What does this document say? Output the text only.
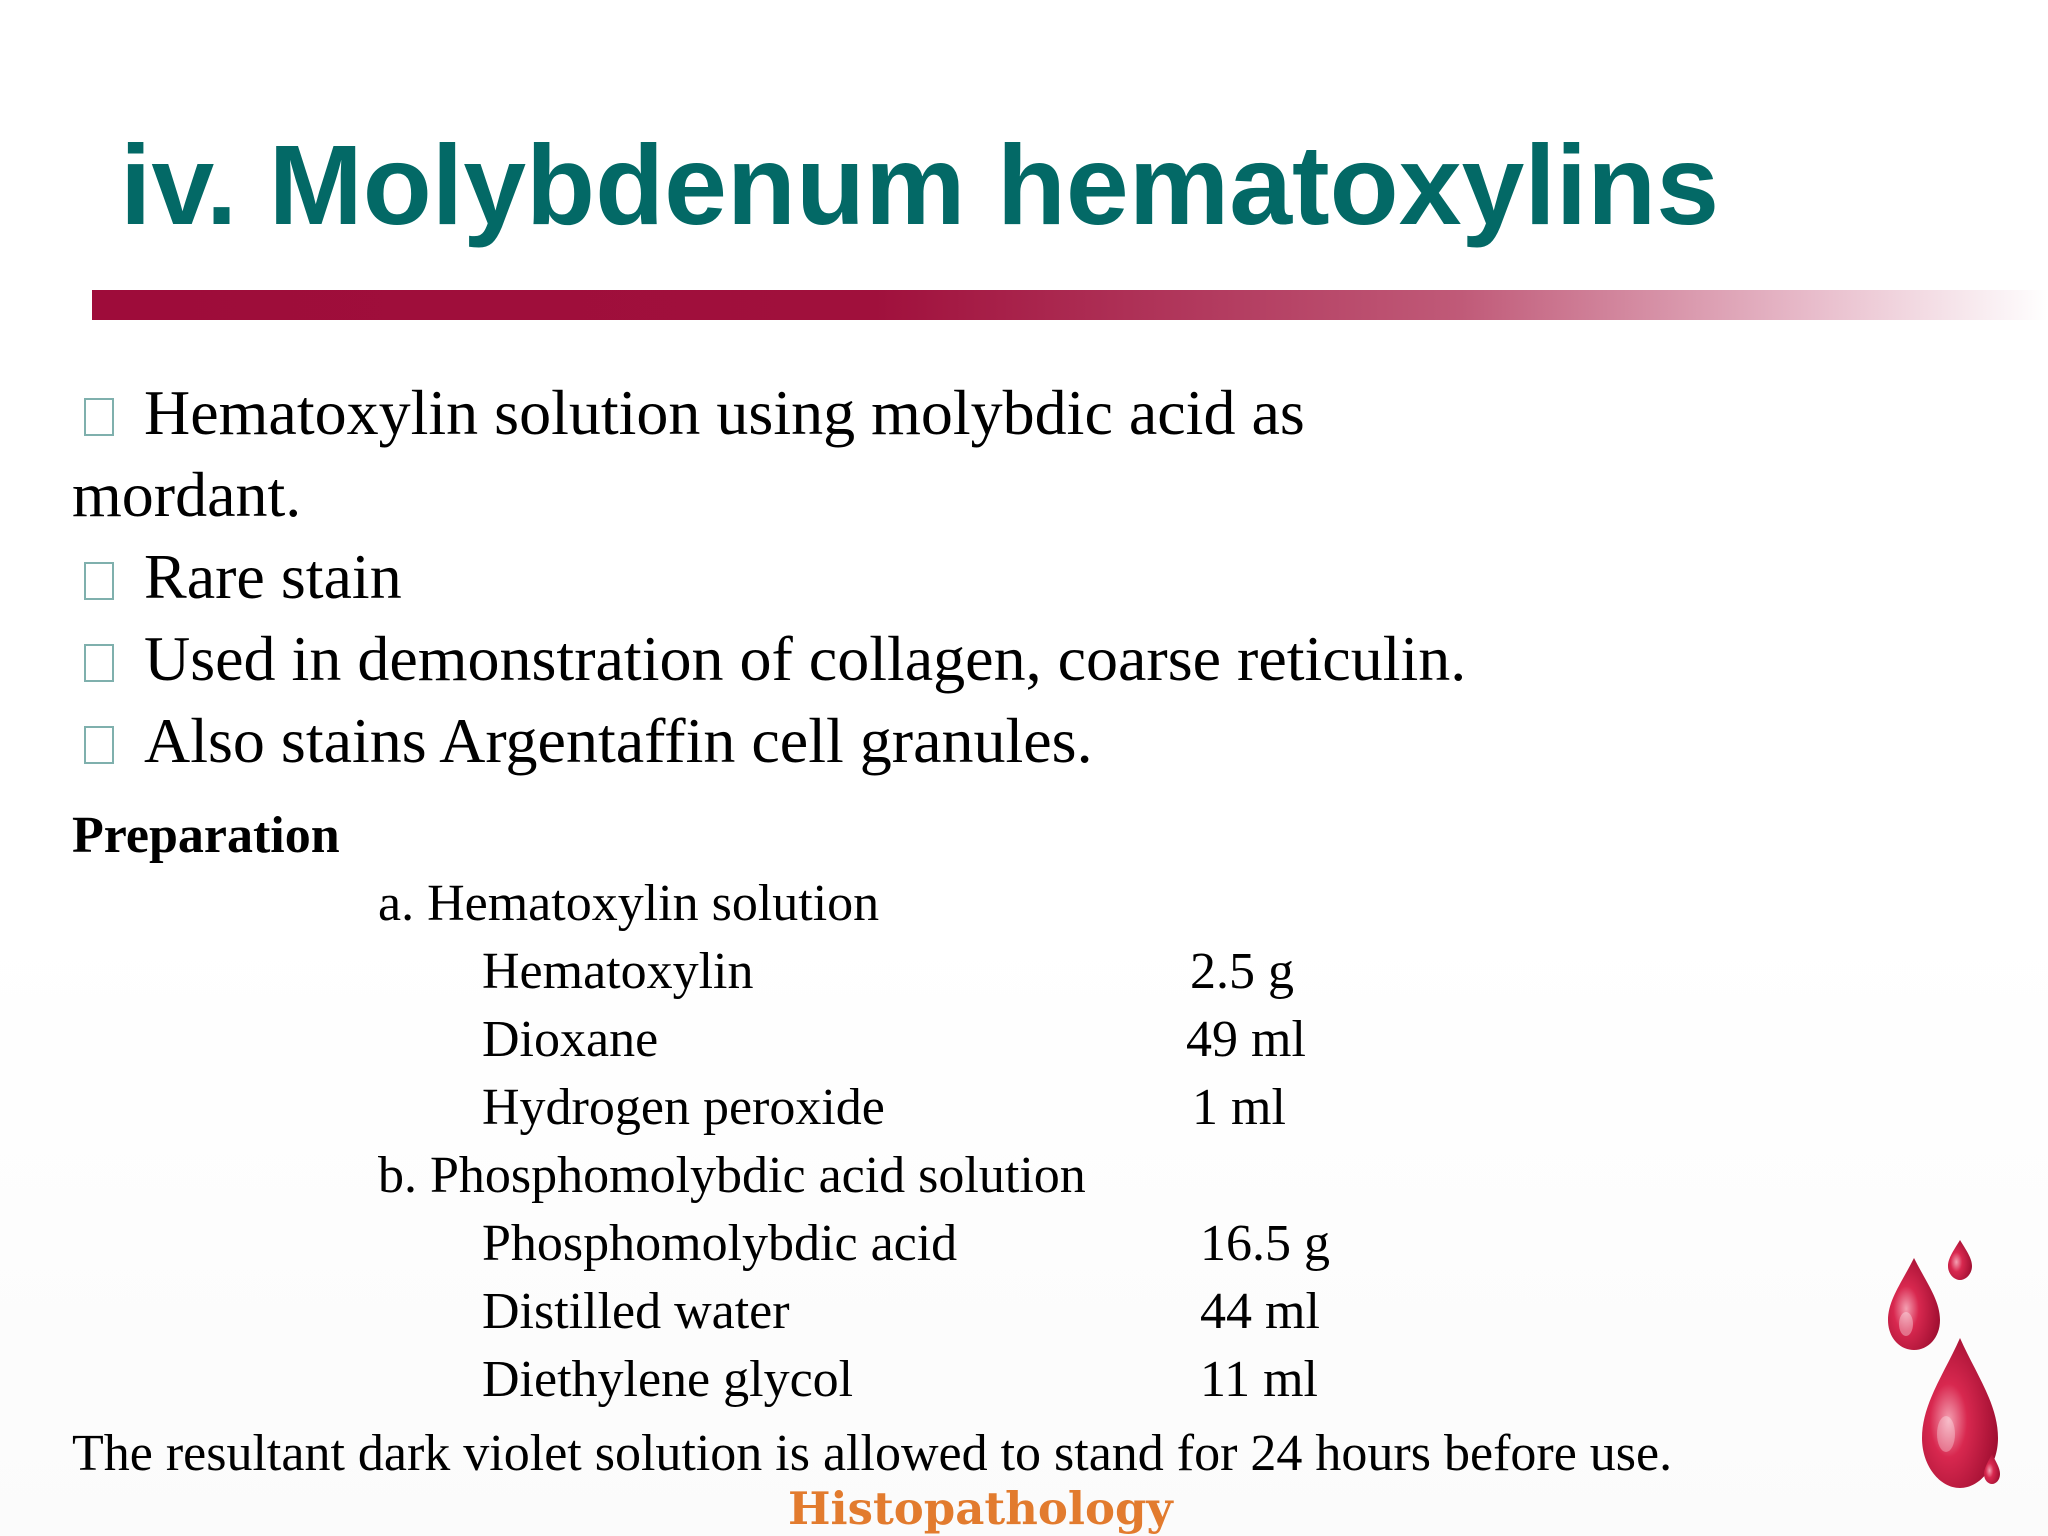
iv. Molybdenum hematoxylins
Hematoxylin solution using molybdic acid as
mordant.
Rare stain
Used in demonstration of collagen, coarse reticulin.
Also stains Argentaffin cell granules.

Preparation

a. Hematoxylin solution

Hematoxylin	2.5 g

Dioxane	49 ml

Hydrogen peroxide	1 ml

b. Phosphomolybdic acid solution

Phosphomolybdic acid	16.5 g

Distilled water	44 ml

Diethylene glycol	11 ml

The resultant dark violet solution is allowed to stand for 24 hours before use.

Histopathology
